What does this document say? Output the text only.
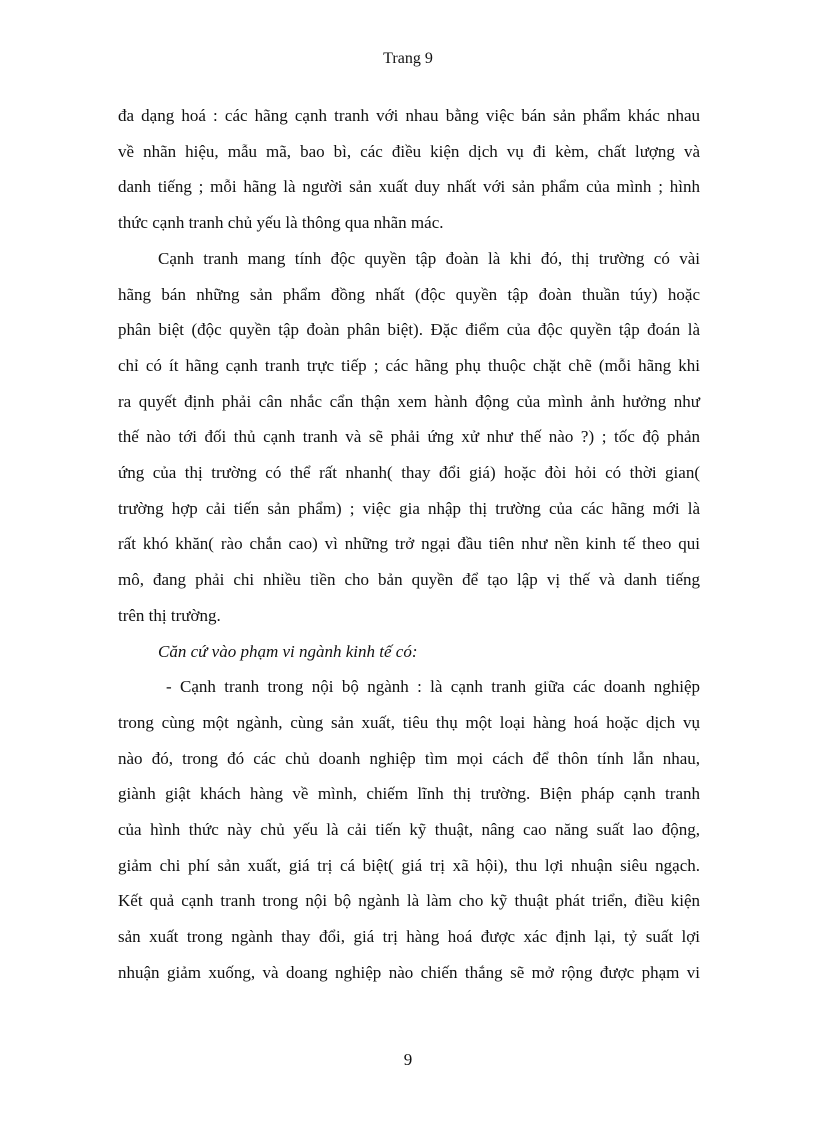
Trang 9
đa dạng hoá : các hãng cạnh tranh với nhau bằng việc bán sản phẩm khác nhau
về nhãn hiệu, mẫu mã, bao bì, các điều kiện dịch vụ đi kèm, chất lượng và
danh tiếng ; mỗi hãng là người sản xuất duy nhất với sản phẩm của mình ; hình
thức cạnh tranh chủ yếu là thông qua nhãn mác.
Cạnh tranh mang tính độc quyền tập đoàn là khi đó, thị trường có vài
hãng bán những sản phẩm đồng nhất (độc quyền tập đoàn thuần túy) hoặc
phân biệt (độc quyền tập đoàn phân biệt). Đặc điểm của độc quyền tập đoán là
chỉ có ít hãng cạnh tranh trực tiếp ; các hãng phụ thuộc chặt chẽ (mỗi hãng khi
ra quyết định phải cân nhắc cẩn thận xem hành động của mình ảnh hưởng như
thế nào tới đối thủ cạnh tranh và sẽ phải ứng xử như thế nào ?) ; tốc độ phản
ứng của thị trường có thể rất nhanh( thay đổi giá) hoặc đòi hỏi có thời gian(
trường hợp cải tiến sản phẩm) ; việc gia nhập thị trường của các hãng mới là
rất khó khăn( rào chắn cao) vì những trở ngại đầu tiên như nền kinh tế theo qui
mô, đang phải chi nhiều tiền cho bản quyền để tạo lập vị thế và danh tiếng
trên thị trường.
Căn cứ vào phạm vi ngành kinh tế có:
- Cạnh tranh trong nội bộ ngành : là cạnh tranh giữa các doanh nghiệp
trong cùng một ngành, cùng sản xuất, tiêu thụ một loại hàng hoá hoặc dịch vụ
nào đó, trong đó các chủ doanh nghiệp tìm mọi cách để thôn tính lẫn nhau,
giành giật khách hàng về mình, chiếm lĩnh thị trường. Biện pháp cạnh tranh
của hình thức này chủ yếu là cải tiến kỹ thuật, nâng cao năng suất lao động,
giảm chi phí sản xuất, giá trị cá biệt( giá trị xã hội), thu lợi nhuận siêu ngạch.
Kết quả cạnh tranh trong nội bộ ngành là làm cho kỹ thuật phát triển, điều kiện
sản xuất trong ngành thay đổi, giá trị hàng hoá được xác định lại, tỷ suất lợi
nhuận giảm xuống, và doang nghiệp nào chiến thắng sẽ mở rộng được phạm vi
9
